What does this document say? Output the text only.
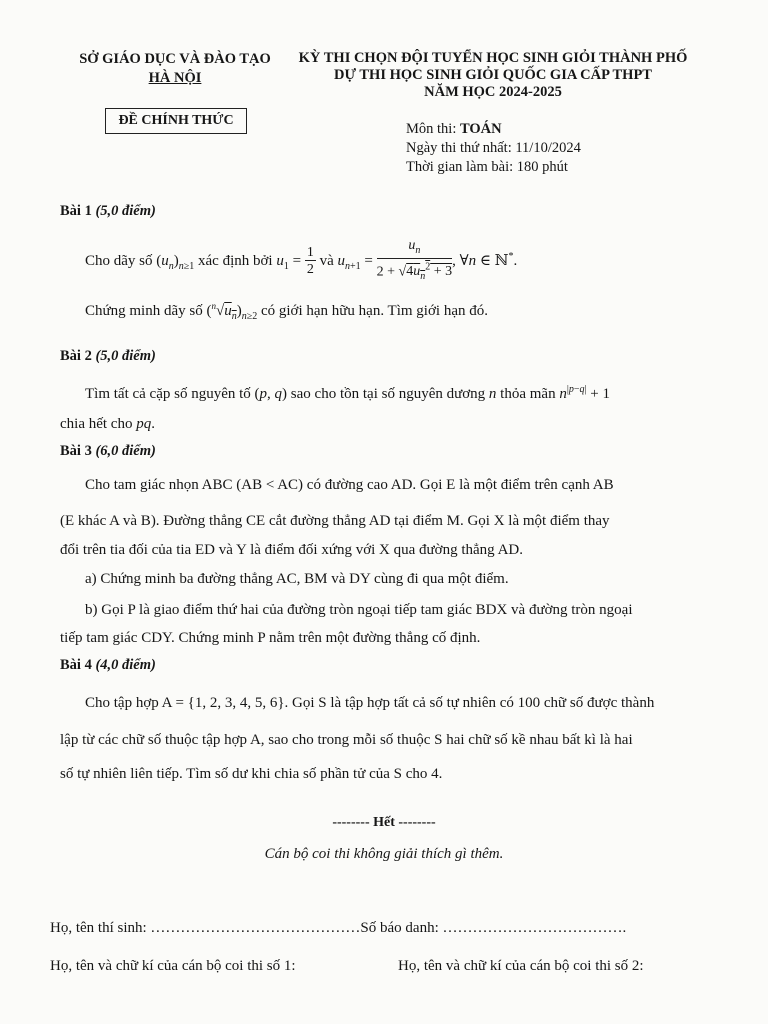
SỞ GIÁO DỤC VÀ ĐÀO TẠO
HÀ NỘI
ĐỀ CHÍNH THỨC
KỲ THI CHỌN ĐỘI TUYỂN HỌC SINH GIỎI THÀNH PHỐ
DỰ THI HỌC SINH GIỎI QUỐC GIA CẤP THPT
NĂM HỌC 2024-2025
Môn thi: TOÁN
Ngày thi thứ nhất: 11/10/2024
Thời gian làm bài: 180 phút
Bài 1 (5,0 điểm)
Cho dãy số $(u_n)_{n\ge 1}$ xác định bởi $u_1 = \frac{1}{2}$ và $u_{n+1} = \frac{u_n}{2 + √4u_n^2 + 3}$ , ∀n ∈ ℕ*.
Chứng minh dãy số $(^n√u_n)_{n\ge 2}$ có giới hạn hữu hạn. Tìm giới hạn đó.
Bài 2 (5,0 điểm)
Tìm tất cả cặp số nguyên tố (p, q) sao cho tồn tại số nguyên dương n thỏa mãn $n^{|p-q|} + 1$
chia hết cho pq.
Bài 3 (6,0 điểm)
Cho tam giác nhọn ABC (AB < AC) có đường cao AD. Gọi E là một điểm trên cạnh AB
(E khác A và B). Đường thẳng CE cắt đường thẳng AD tại điểm M. Gọi X là một điểm thay
đổi trên tia đối của tia ED và Y là điểm đối xứng với X qua đường thẳng AD.
a) Chứng minh ba đường thẳng AC, BM và DY cùng đi qua một điểm.
b) Gọi P là giao điểm thứ hai của đường tròn ngoại tiếp tam giác BDX và đường tròn ngoại
tiếp tam giác CDY. Chứng minh P nằm trên một đường thẳng cố định.
Bài 4 (4,0 điểm)
Cho tập hợp A = {1, 2, 3, 4, 5, 6}. Gọi S là tập hợp tất cả số tự nhiên có 100 chữ số được thành
lập từ các chữ số thuộc tập hợp A, sao cho trong mỗi số thuộc S hai chữ số kề nhau bất kì là hai
số tự nhiên liên tiếp. Tìm số dư khi chia số phần tử của S cho 4.
-------- Hết --------
Cán bộ coi thi không giải thích gì thêm.
Họ, tên thí sinh: ……………………………………Số báo danh: ……………………………….
Họ, tên và chữ kí của cán bộ coi thi số 1:	Họ, tên và chữ kí của cán bộ coi thi số 2:
